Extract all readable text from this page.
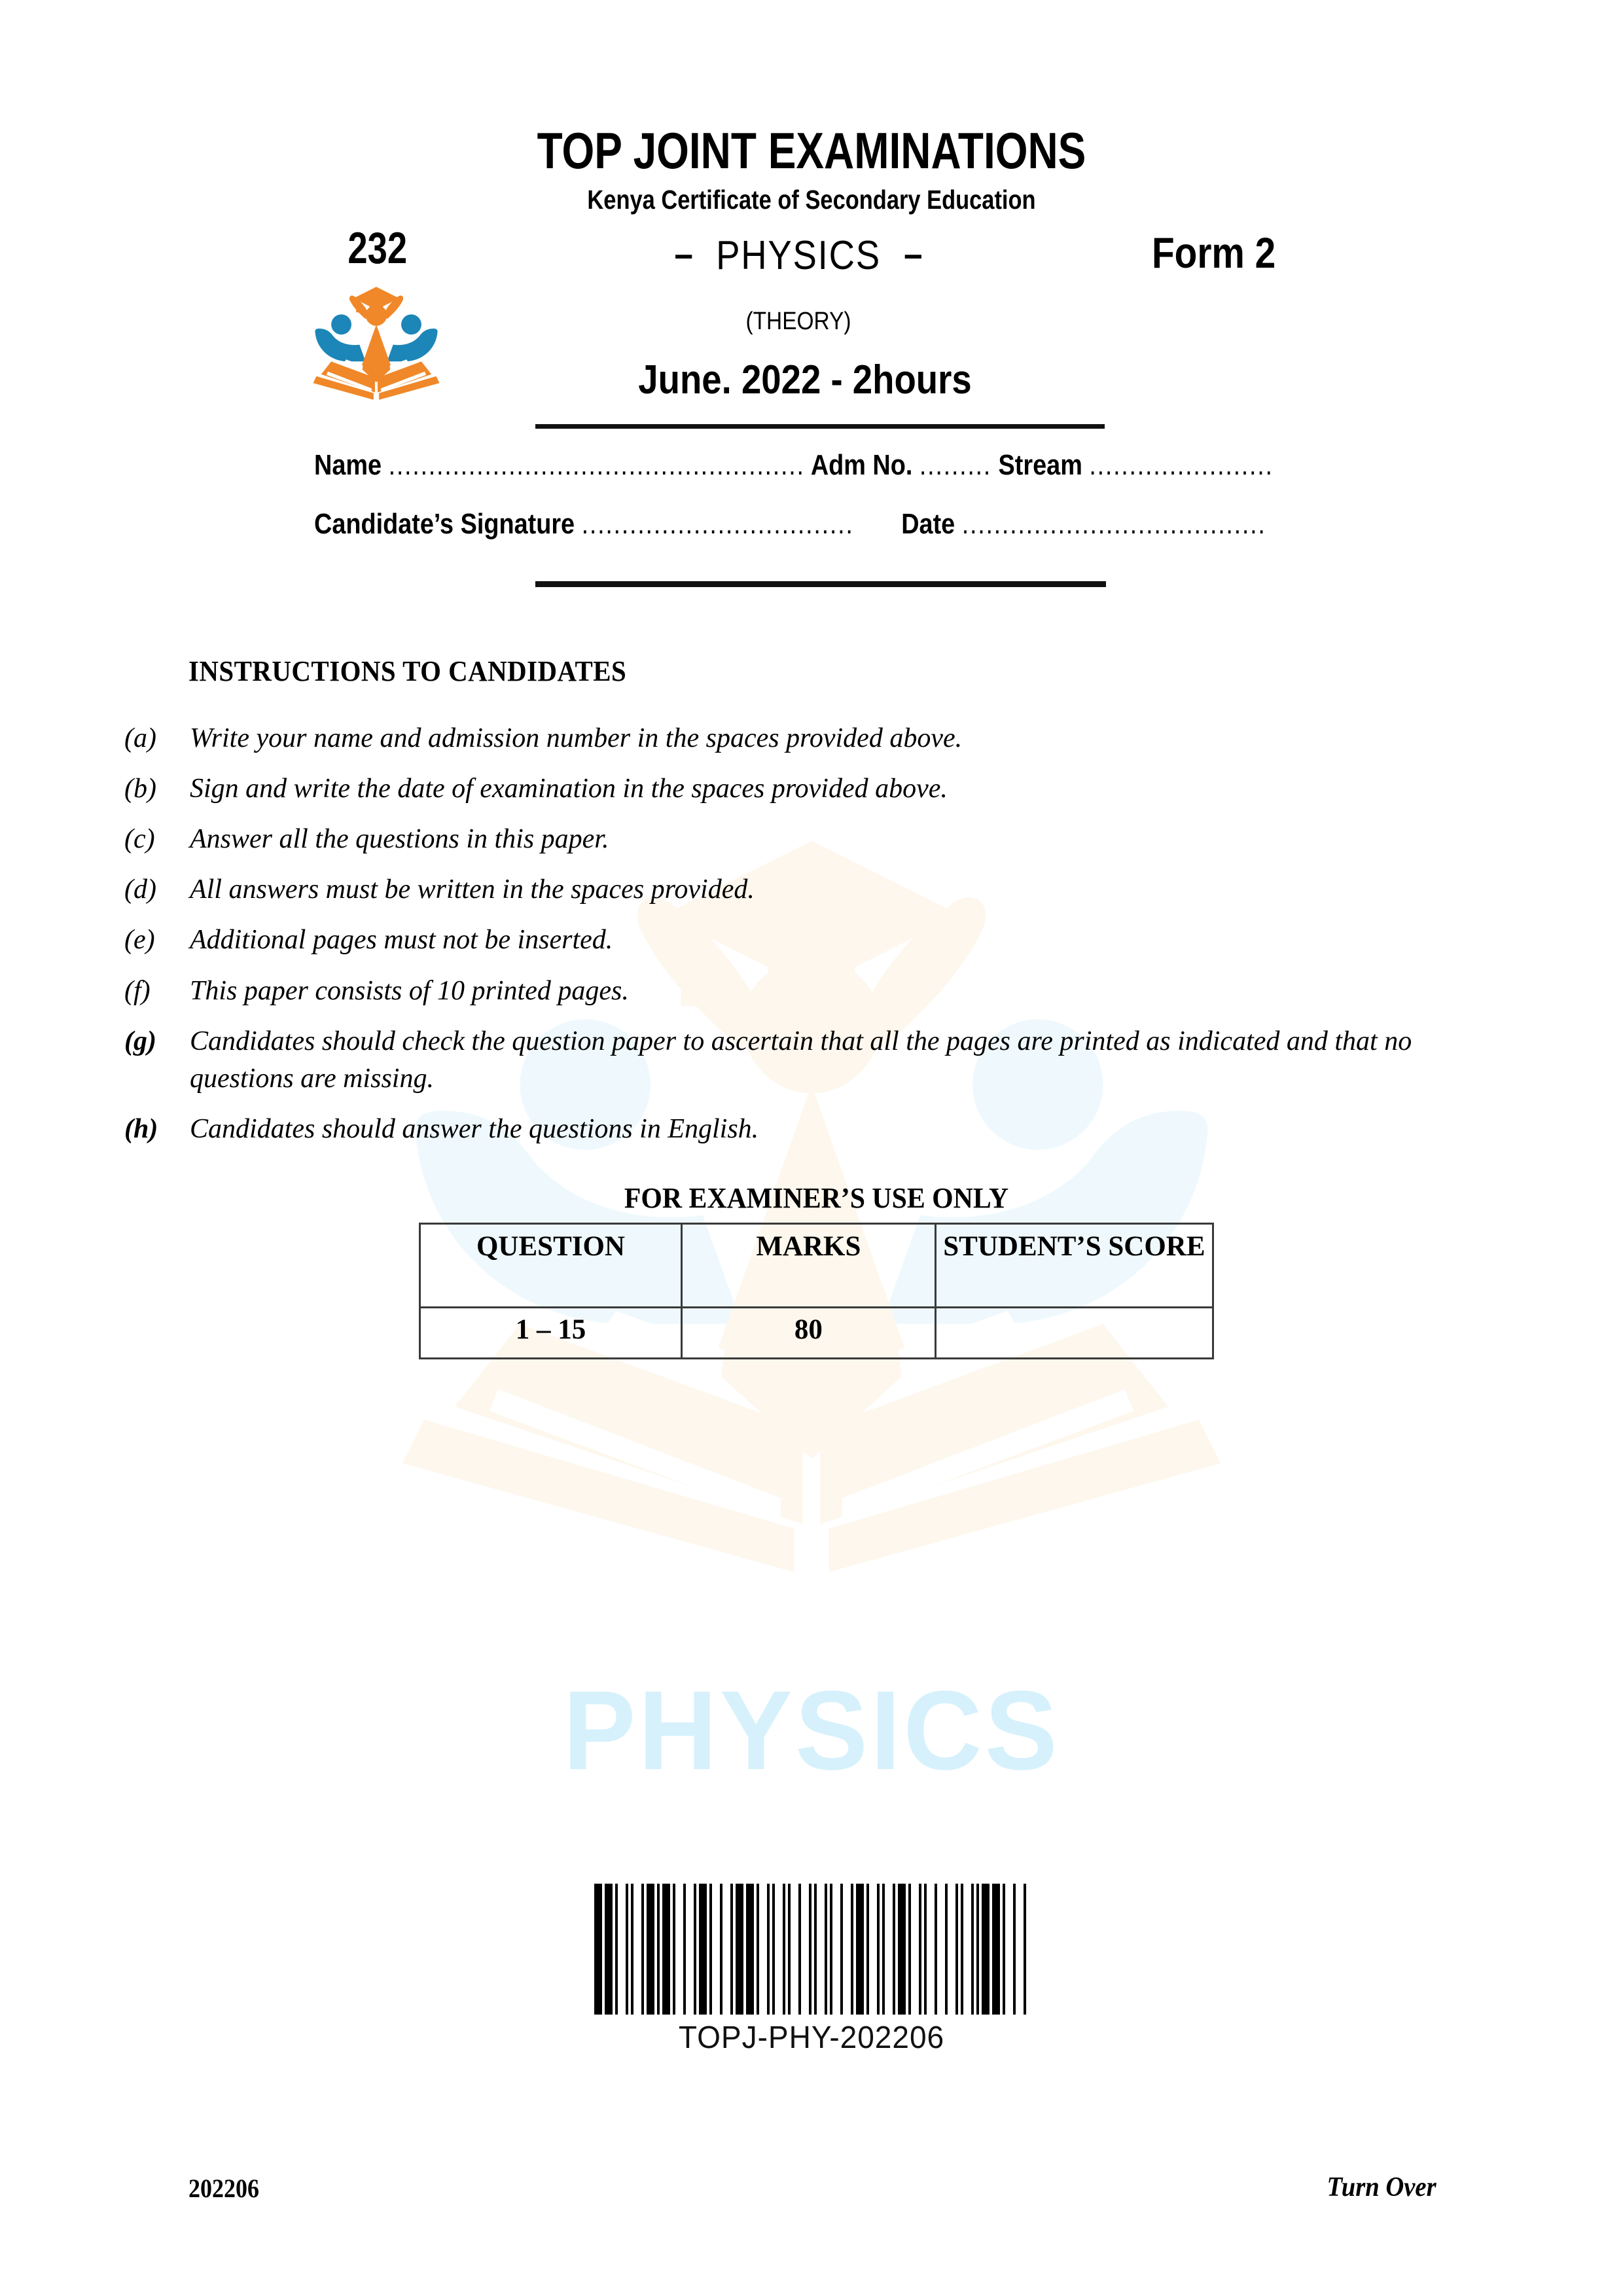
PHYSICS
TOP JOINT EXAMINATIONS
Kenya Certificate of Secondary Education
232	Form 2
– PHYSICS –
(THEORY)
June. 2022 - 2hours
Name .................................................... Adm No. ......... Stream .......................
Candidate’s Signature .................................. Date ......................................
INSTRUCTIONS TO CANDIDATES
(a)	Write your name and admission number in the spaces provided above.
(b)	Sign and write the date of examination in the spaces provided above.
(c)	Answer all the questions in this paper.
(d)	All answers must be written in the spaces provided.
(e)	Additional pages must not be inserted.
(f)	This paper consists of 10 printed pages.
(g)	Candidates should check the question paper to ascertain that all the pages are printed as indicated and that no questions are missing.
(h)	Candidates should answer the questions in English.
FOR EXAMINER’S USE ONLY
QUESTION	MARKS	STUDENT’S SCORE
1 – 15	80	
TOPJ-PHY-202206
202206	Turn Over
